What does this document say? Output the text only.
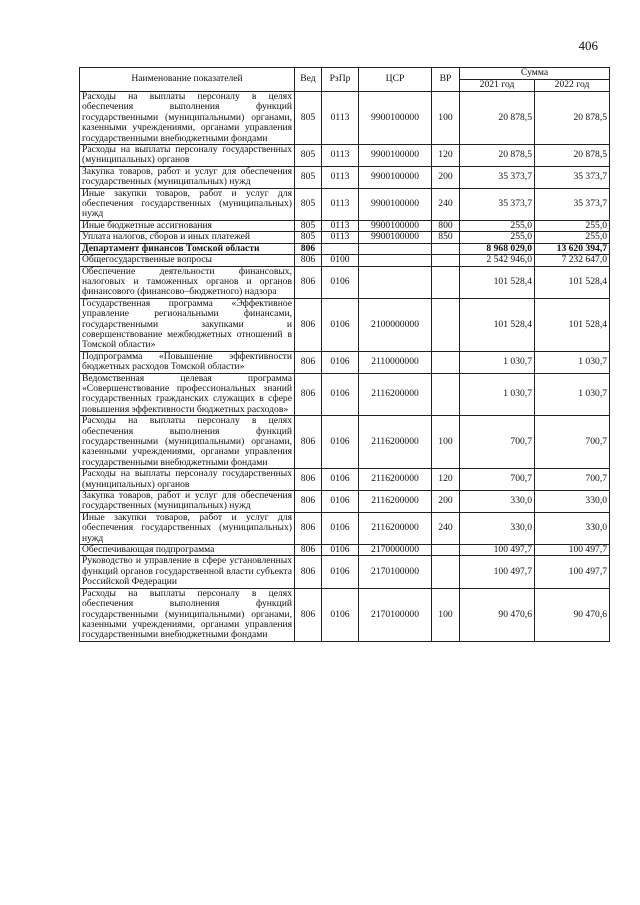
406
Наименование показателей	Вед	РзПр	ЦСР	ВР	Сумма	
					2021 год	2022 год
Расходы на выплаты персоналу в целях обеспечения выполнения функций государственными (муниципальными) органами, казенными учреждениями, органами управления государственными внебюджетными фондами	805	0113	9900100000	100	20 878,5	20 878,5
Расходы на выплаты персоналу государственных (муниципальных) органов	805	0113	9900100000	120	20 878,5	20 878,5
Закупка товаров, работ и услуг для обеспечения государственных (муниципальных) нужд	805	0113	9900100000	200	35 373,7	35 373,7
Иные закупки товаров, работ и услуг для обеспечения государственных (муниципальных) нужд	805	0113	9900100000	240	35 373,7	35 373,7
Иные бюджетные ассигнования	805	0113	9900100000	800	255,0	255,0
Уплата налогов, сборов и иных платежей	805	0113	9900100000	850	255,0	255,0
Департамент финансов Томской области	806				8 968 029,0	13 620 394,7
Общегосударственные вопросы	806	0100			2 542 946,0	7 232 647,0
Обеспечение деятельности финансовых, налоговых и таможенных органов и органов финансового (финансово–бюджетного) надзора	806	0106			101 528,4	101 528,4
Государственная программа «Эффективное управление региональными финансами, государственными закупками и совершенствование межбюджетных отношений в Томской области»	806	0106	2100000000		101 528,4	101 528,4
Подпрограмма «Повышение эффективности бюджетных расходов Томской области»	806	0106	2110000000		1 030,7	1 030,7
Ведомственная целевая программа «Совершенствование профессиональных знаний государственных гражданских служащих в сфере повышения эффективности бюджетных расходов»	806	0106	2116200000		1 030,7	1 030,7
Расходы на выплаты персоналу в целях обеспечения выполнения функций государственными (муниципальными) органами, казенными учреждениями, органами управления государственными внебюджетными фондами	806	0106	2116200000	100	700,7	700,7
Расходы на выплаты персоналу государственных (муниципальных) органов	806	0106	2116200000	120	700,7	700,7
Закупка товаров, работ и услуг для обеспечения государственных (муниципальных) нужд	806	0106	2116200000	200	330,0	330,0
Иные закупки товаров, работ и услуг для обеспечения государственных (муниципальных) нужд	806	0106	2116200000	240	330,0	330,0
Обеспечивающая подпрограмма	806	0106	2170000000		100 497,7	100 497,7
Руководство и управление в сфере установленных функций органов государственной власти субъекта Российской Федерации	806	0106	2170100000		100 497,7	100 497,7
Расходы на выплаты персоналу в целях обеспечения выполнения функций государственными (муниципальными) органами, казенными учреждениями, органами управления государственными внебюджетными фондами	806	0106	2170100000	100	90 470,6	90 470,6
